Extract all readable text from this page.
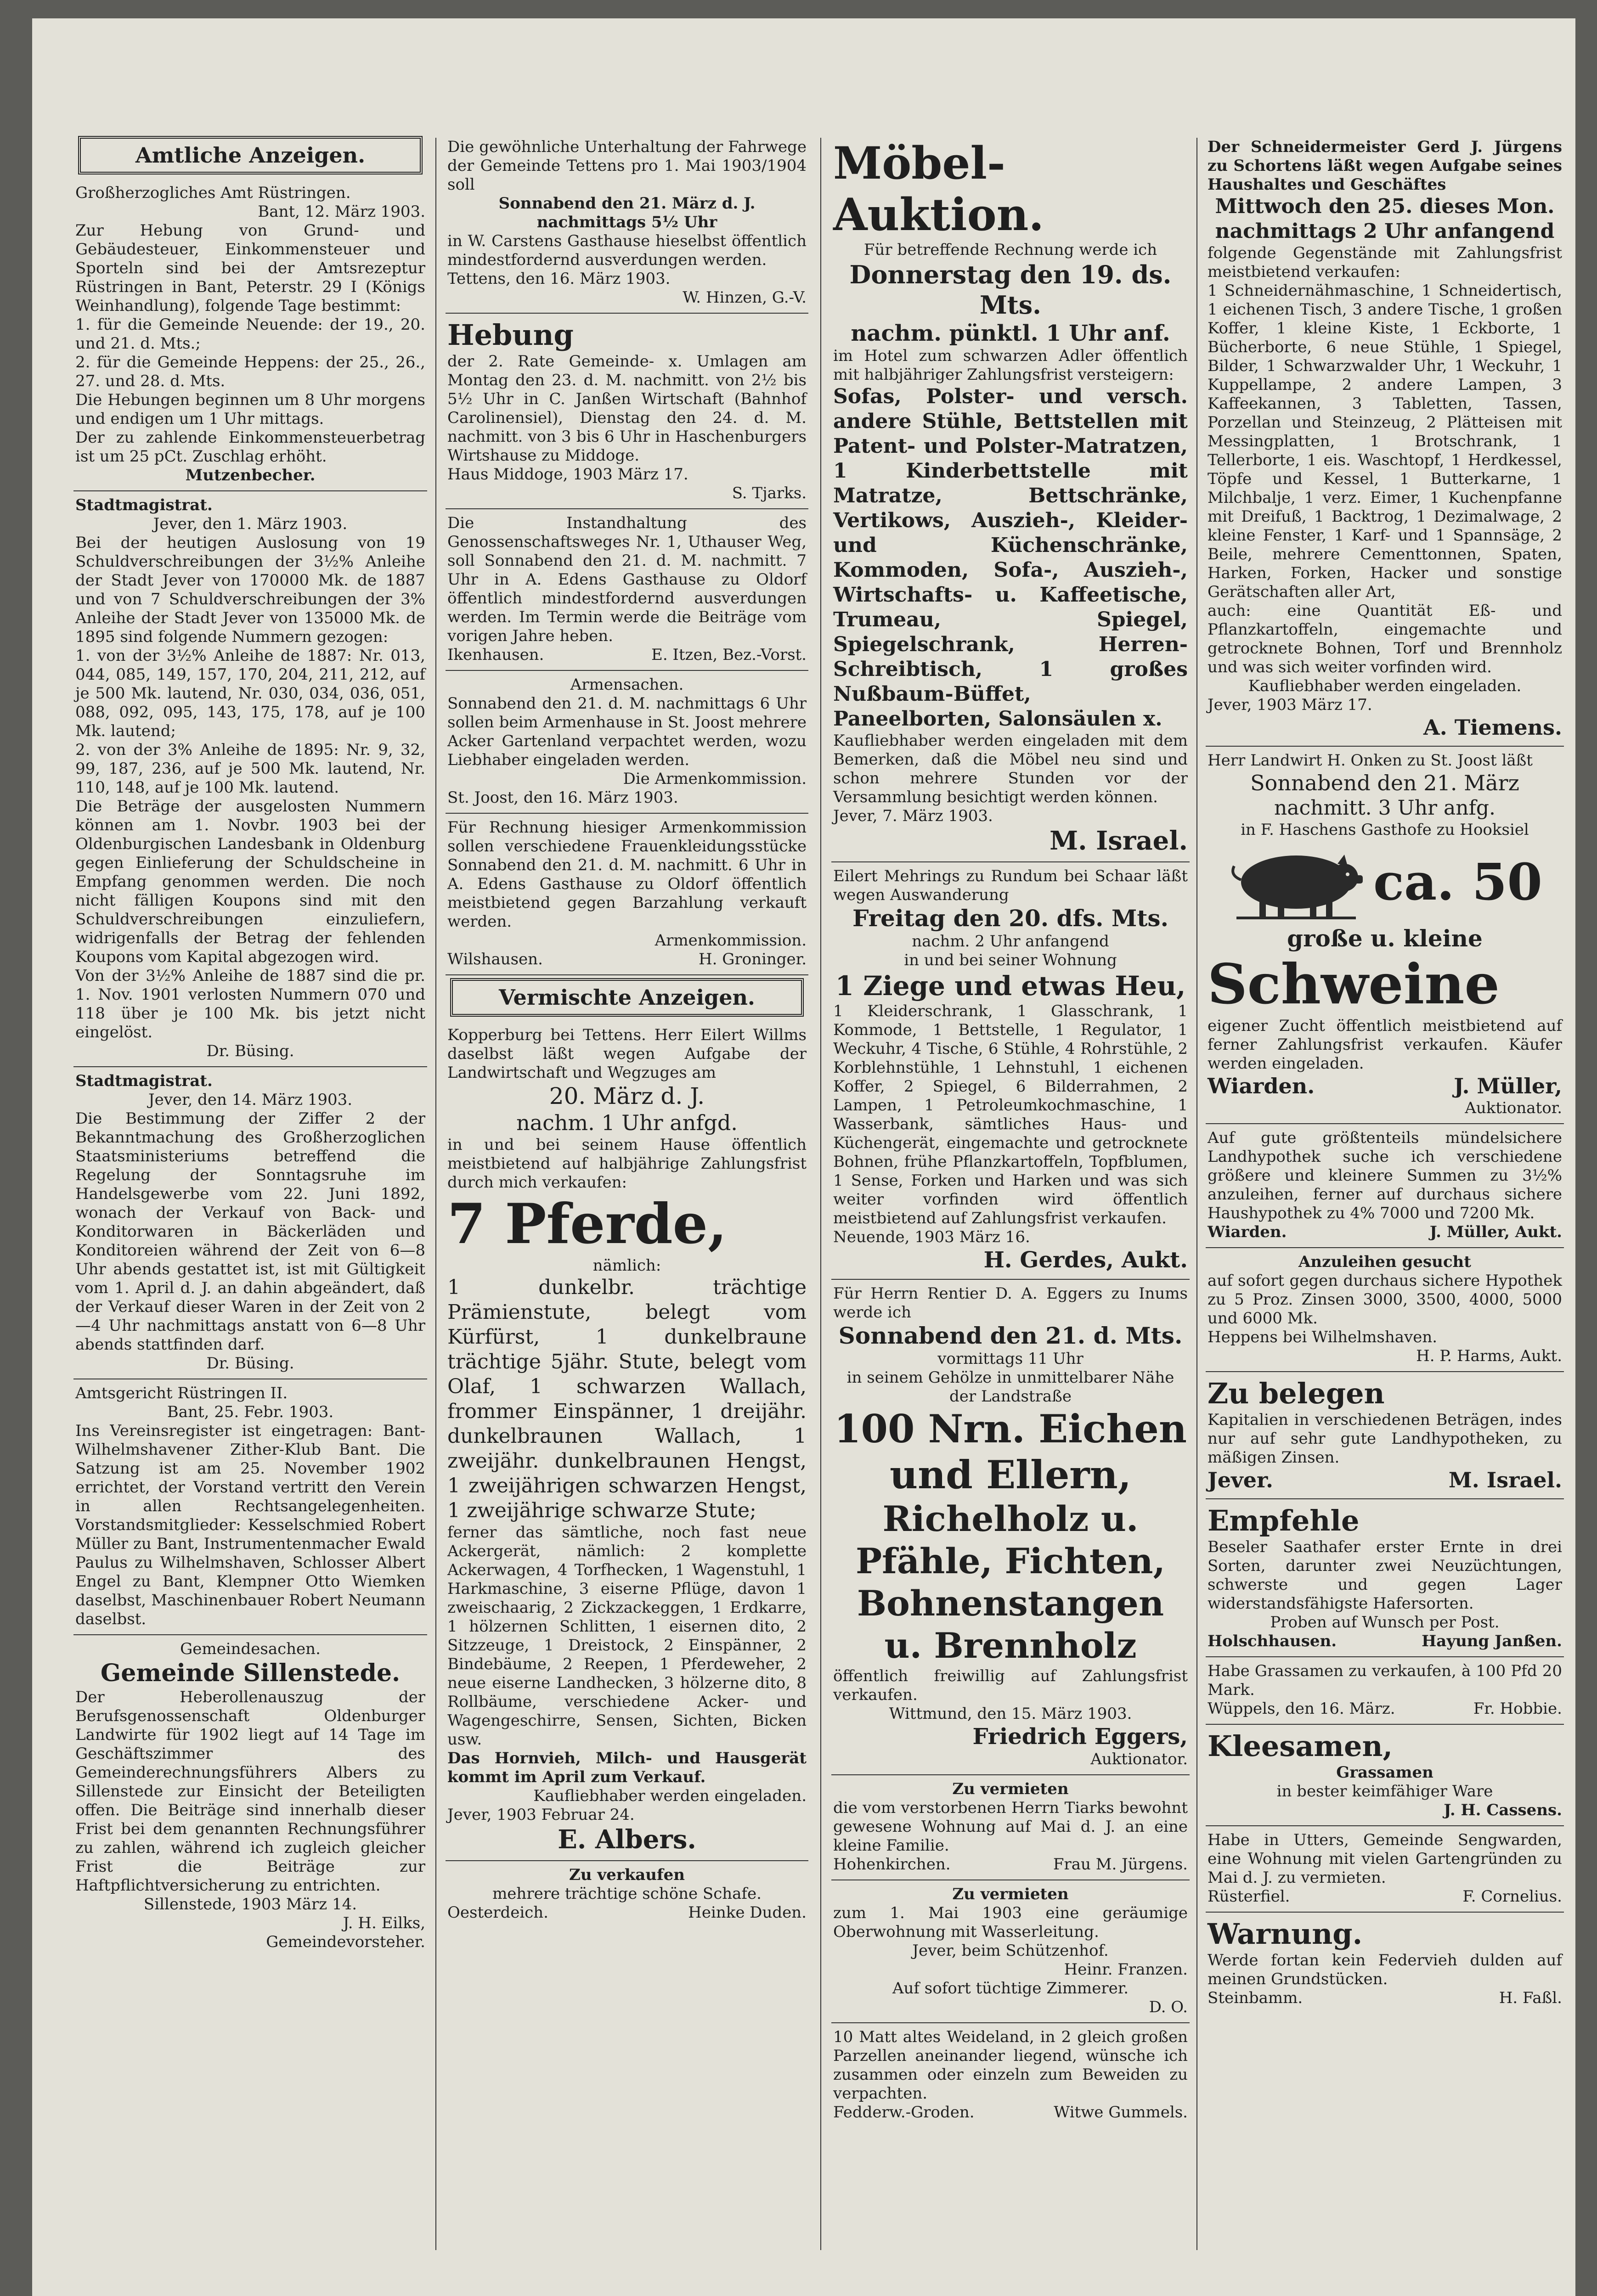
Amtliche Anzeigen.

Großherzogliches Amt Rüstringen.

Bant, 12. März 1903.

Zur Hebung von Grund- und Gebäudesteuer, Einkommensteuer und Sporteln sind bei der Amtsrezeptur Rüstringen in Bant, Peterstr. 29 I (Königs Weinhandlung), folgende Tage bestimmt:

1. für die Gemeinde Neuende: der 19., 20. und 21. d. Mts.;

2. für die Gemeinde Heppens: der 25., 26., 27. und 28. d. Mts.

Die Hebungen beginnen um 8 Uhr morgens und endigen um 1 Uhr mittags.

Der zu zahlende Einkommensteuerbetrag ist um 25 pCt. Zuschlag erhöht.

Mutzenbecher.

Stadtmagistrat.

Jever, den 1. März 1903.

Bei der heutigen Auslosung von 19 Schuldverschreibungen der 3½% Anleihe der Stadt Jever von 170000 Mk. de 1887 und von 7 Schuldverschreibungen der 3% Anleihe der Stadt Jever von 135000 Mk. de 1895 sind folgende Nummern gezogen:

1. von der 3½% Anleihe de 1887: Nr. 013, 044, 085, 149, 157, 170, 204, 211, 212, auf je 500 Mk. lautend, Nr. 030, 034, 036, 051, 088, 092, 095, 143, 175, 178, auf je 100 Mk. lautend;

2. von der 3% Anleihe de 1895: Nr. 9, 32, 99, 187, 236, auf je 500 Mk. lautend, Nr. 110, 148, auf je 100 Mk. lautend.

Die Beträge der ausgelosten Nummern können am 1. Novbr. 1903 bei der Oldenburgischen Landesbank in Oldenburg gegen Einlieferung der Schuldscheine in Empfang genommen werden. Die noch nicht fälligen Koupons sind mit den Schuldverschreibungen einzuliefern, widrigenfalls der Betrag der fehlenden Koupons vom Kapital abgezogen wird.

Von der 3½% Anleihe de 1887 sind die pr. 1. Nov. 1901 verlosten Nummern 070 und 118 über je 100 Mk. bis jetzt nicht eingelöst.

Dr. Büsing.

Stadtmagistrat.

Jever, den 14. März 1903.

Die Bestimmung der Ziffer 2 der Bekanntmachung des Großherzoglichen Staatsministeriums betreffend die Regelung der Sonntagsruhe im Handelsgewerbe vom 22. Juni 1892, wonach der Verkauf von Back- und Konditorwaren in Bäckerläden und Konditoreien während der Zeit von 6—8 Uhr abends gestattet ist, ist mit Gültigkeit vom 1. April d. J. an dahin abgeändert, daß der Verkauf dieser Waren in der Zeit von 2—4 Uhr nachmittags anstatt von 6—8 Uhr abends stattfinden darf.

Dr. Büsing.

Amtsgericht Rüstringen II.

Bant, 25. Febr. 1903.

Ins Vereinsregister ist eingetragen: Bant-Wilhelmshavener Zither-Klub Bant. Die Satzung ist am 25. November 1902 errichtet, der Vorstand vertritt den Verein in allen Rechtsangelegenheiten. Vorstandsmitglieder: Kesselschmied Robert Müller zu Bant, Instrumentenmacher Ewald Paulus zu Wilhelmshaven, Schlosser Albert Engel zu Bant, Klempner Otto Wiemken daselbst, Maschinenbauer Robert Neumann daselbst.

Gemeindesachen.

Gemeinde Sillenstede.

Der Heberollenauszug der Berufsgenossenschaft Oldenburger Landwirte für 1902 liegt auf 14 Tage im Geschäftszimmer des Gemeinderechnungsführers Albers zu Sillenstede zur Einsicht der Beteiligten offen. Die Beiträge sind innerhalb dieser Frist bei dem genannten Rechnungsführer zu zahlen, während ich zugleich gleicher Frist die Beiträge zur Haftpflichtversicherung zu entrichten.

Sillenstede, 1903 März 14.

J. H. Eilks,

Gemeindevorsteher.

Die gewöhnliche Unterhaltung der Fahrwege der Gemeinde Tettens pro 1. Mai 1903/1904 soll

Sonnabend den 21. März d. J. nachmittags 5½ Uhr

in W. Carstens Gasthause hieselbst öffentlich mindestfordernd ausverdungen werden.

Tettens, den 16. März 1903.

W. Hinzen, G.-V.

Hebung

der 2. Rate Gemeinde- x. Umlagen am Montag den 23. d. M. nachmitt. von 2½ bis 5½ Uhr in C. Janßen Wirtschaft (Bahnhof Carolinensiel), Dienstag den 24. d. M. nachmitt. von 3 bis 6 Uhr in Haschenburgers Wirtshause zu Middoge.

Haus Middoge, 1903 März 17.

S. Tjarks.

Die Instandhaltung des Genossenschaftsweges Nr. 1, Uthauser Weg, soll Sonnabend den 21. d. M. nachmitt. 7 Uhr in A. Edens Gasthause zu Oldorf öffentlich mindestfordernd ausverdungen werden. Im Termin werde die Beiträge vom vorigen Jahre heben.

Ikenhausen.	E. Itzen, Bez.-Vorst.

Armensachen.

Sonnabend den 21. d. M. nachmittags 6 Uhr sollen beim Armenhause in St. Joost mehrere Acker Gartenland verpachtet werden, wozu Liebhaber eingeladen werden.

Die Armenkommission.

St. Joost, den 16. März 1903.

Für Rechnung hiesiger Armenkommission sollen verschiedene Frauenkleidungsstücke Sonnabend den 21. d. M. nachmitt. 6 Uhr in A. Edens Gasthause zu Oldorf öffentlich meistbietend gegen Barzahlung verkauft werden.

Armenkommission.

Wilshausen.	H. Groninger.
Vermischte Anzeigen.

Kopperburg bei Tettens. Herr Eilert Willms daselbst läßt wegen Aufgabe der Landwirtschaft und Wegzuges am

20. März d. J.

nachm. 1 Uhr anfgd.

in und bei seinem Hause öffentlich meistbietend auf halbjährige Zahlungsfrist durch mich verkaufen:

7 Pferde,

nämlich:

1 dunkelbr. trächtige Prämienstute, belegt vom Kürfürst, 1 dunkelbraune trächtige 5jähr. Stute, belegt vom Olaf, 1 schwarzen Wallach, frommer Einspänner, 1 dreijähr. dunkelbraunen Wallach, 1 zweijähr. dunkelbraunen Hengst, 1 zweijährigen schwarzen Hengst, 1 zweijährige schwarze Stute;

ferner das sämtliche, noch fast neue Ackergerät, nämlich: 2 komplette Ackerwagen, 4 Torfhecken, 1 Wagenstuhl, 1 Harkmaschine, 3 eiserne Pflüge, davon 1 zweischaarig, 2 Zickzackeggen, 1 Erdkarre, 1 hölzernen Schlitten, 1 eisernen dito, 2 Sitzzeuge, 1 Dreistock, 2 Einspänner, 2 Bindebäume, 2 Reepen, 1 Pferdeweher, 2 neue eiserne Landhecken, 3 hölzerne dito, 8 Rollbäume, verschiedene Acker- und Wagengeschirre, Sensen, Sichten, Bicken usw.

Das Hornvieh, Milch- und Hausgerät kommt im April zum Verkauf.

Kaufliebhaber werden eingeladen.

Jever, 1903 Februar 24.

E. Albers.

Zu verkaufen

mehrere trächtige schöne Schafe.

Oesterdeich.	Heinke Duden.

Möbel-Auktion.

Für betreffende Rechnung werde ich

Donnerstag den 19. ds. Mts.

nachm. pünktl. 1 Uhr anf.

im Hotel zum schwarzen Adler öffentlich mit halbjähriger Zahlungsfrist versteigern:

Sofas, Polster- und versch. andere Stühle, Bettstellen mit Patent- und Polster-Matratzen, 1 Kinderbettstelle mit Matratze, Bettschränke, Vertikows, Auszieh-, Kleider- und Küchenschränke, Kommoden, Sofa-, Auszieh-, Wirtschafts- u. Kaffeetische, Trumeau, Spiegel, Spiegelschrank, Herren-Schreibtisch, 1 großes Nußbaum-Büffet, Paneelborten, Salonsäulen x.

Kaufliebhaber werden eingeladen mit dem Bemerken, daß die Möbel neu sind und schon mehrere Stunden vor der Versammlung besichtigt werden können.

Jever, 7. März 1903.

M. Israel.

Eilert Mehrings zu Rundum bei Schaar läßt wegen Auswanderung

Freitag den 20. dfs. Mts.

nachm. 2 Uhr anfangend

in und bei seiner Wohnung

1 Ziege und etwas Heu,

1 Kleiderschrank, 1 Glasschrank, 1 Kommode, 1 Bettstelle, 1 Regulator, 1 Weckuhr, 4 Tische, 6 Stühle, 4 Rohrstühle, 2 Korblehnstühle, 1 Lehnstuhl, 1 eichenen Koffer, 2 Spiegel, 6 Bilderrahmen, 2 Lampen, 1 Petroleumkochmaschine, 1 Wasserbank, sämtliches Haus- und Küchengerät, eingemachte und getrocknete Bohnen, frühe Pflanzkartoffeln, Topfblumen, 1 Sense, Forken und Harken und was sich weiter vorfinden wird öffentlich meistbietend auf Zahlungsfrist verkaufen.

Neuende, 1903 März 16.

H. Gerdes, Aukt.

Für Herrn Rentier D. A. Eggers zu Inums werde ich

Sonnabend den 21. d. Mts.

vormittags 11 Uhr

in seinem Gehölze in unmittelbarer Nähe der Landstraße

100 Nrn. Eichen und Ellern,

Richelholz u. Pfähle, Fichten, Bohnenstangen u. Brennholz

öffentlich freiwillig auf Zahlungsfrist verkaufen.

Wittmund, den 15. März 1903.

Friedrich Eggers,

Auktionator.

Zu vermieten

die vom verstorbenen Herrn Tiarks bewohnt gewesene Wohnung auf Mai d. J. an eine kleine Familie.

Hohenkirchen.	Frau M. Jürgens.

Zu vermieten

zum 1. Mai 1903 eine geräumige Oberwohnung mit Wasserleitung.

Jever, beim Schützenhof.

Heinr. Franzen.

Auf sofort tüchtige Zimmerer.

D. O.

10 Matt altes Weideland, in 2 gleich großen Parzellen aneinander liegend, wünsche ich zusammen oder einzeln zum Beweiden zu verpachten.

Fedderw.-Groden.	Witwe Gummels.

Der Schneidermeister Gerd J. Jürgens zu Schortens läßt wegen Aufgabe seines Haushaltes und Geschäftes

Mittwoch den 25. dieses Mon. nachmittags 2 Uhr anfangend

folgende Gegenstände mit Zahlungsfrist meistbietend verkaufen:

1 Schneidernähmaschine, 1 Schneidertisch, 1 eichenen Tisch, 3 andere Tische, 1 großen Koffer, 1 kleine Kiste, 1 Eckborte, 1 Bücherborte, 6 neue Stühle, 1 Spiegel, Bilder, 1 Schwarzwalder Uhr, 1 Weckuhr, 1 Kuppellampe, 2 andere Lampen, 3 Kaffeekannen, 3 Tabletten, Tassen, Porzellan und Steinzeug, 2 Plätteisen mit Messingplatten, 1 Brotschrank, 1 Tellerborte, 1 eis. Waschtopf, 1 Herdkessel, Töpfe und Kessel, 1 Butterkarne, 1 Milchbalje, 1 verz. Eimer, 1 Kuchenpfanne mit Dreifuß, 1 Backtrog, 1 Dezimalwage, 2 kleine Fenster, 1 Karf- und 1 Spannsäge, 2 Beile, mehrere Cementtonnen, Spaten, Harken, Forken, Hacker und sonstige Gerätschaften aller Art,

auch: eine Quantität Eß- und Pflanzkartoffeln, eingemachte und getrocknete Bohnen, Torf und Brennholz und was sich weiter vorfinden wird.

Kaufliebhaber werden eingeladen.

Jever, 1903 März 17.

A. Tiemens.

Herr Landwirt H. Onken zu St. Joost läßt

Sonnabend den 21. März

nachmitt. 3 Uhr anfg.

in F. Haschens Gasthofe zu Hooksiel

ca. 50

große u. kleine

Schweine

eigener Zucht öffentlich meistbietend auf ferner Zahlungsfrist verkaufen. Käufer werden eingeladen.

Wiarden.	J. Müller,

Auktionator.

Auf gute größtenteils mündelsichere Landhypothek suche ich verschiedene größere und kleinere Summen zu 3½% anzuleihen, ferner auf durchaus sichere Haushypothek zu 4% 7000 und 7200 Mk.

Wiarden.	J. Müller, Aukt.

Anzuleihen gesucht

auf sofort gegen durchaus sichere Hypothek zu 5 Proz. Zinsen 3000, 3500, 4000, 5000 und 6000 Mk.

Heppens bei Wilhelmshaven.

H. P. Harms, Aukt.

Zu belegen

Kapitalien in verschiedenen Beträgen, indes nur auf sehr gute Landhypotheken, zu mäßigen Zinsen.

Jever.	M. Israel.

Empfehle

Beseler Saathafer erster Ernte in drei Sorten, darunter zwei Neuzüchtungen, schwerste und gegen Lager widerstandsfähigste Hafersorten.

Proben auf Wunsch per Post.

Holschhausen.	Hayung Janßen.

Habe Grassamen zu verkaufen, à 100 Pfd 20 Mark.

Wüppels, den 16. März.	Fr. Hobbie.

Kleesamen,

Grassamen

in bester keimfähiger Ware

J. H. Cassens.

Habe in Utters, Gemeinde Sengwarden, eine Wohnung mit vielen Gartengründen zu Mai d. J. zu vermieten.

Rüsterfiel.	F. Cornelius.

Warnung.

Werde fortan kein Federvieh dulden auf meinen Grundstücken.

Steinbamm.	H. Faßl.
